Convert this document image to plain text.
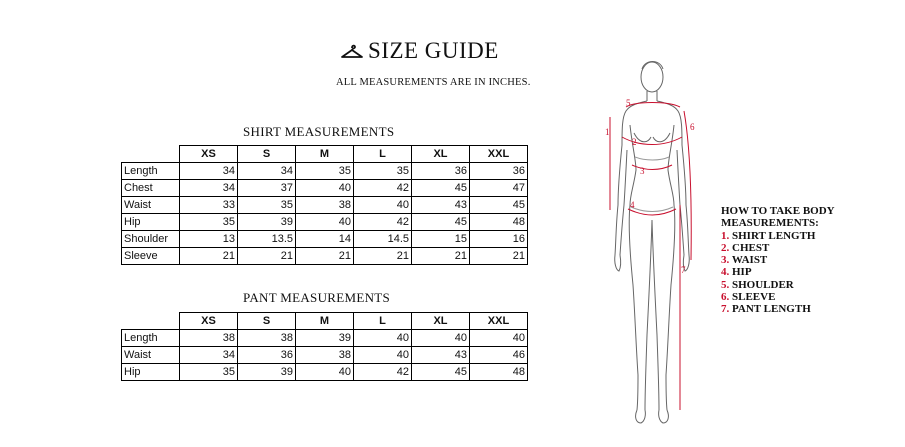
SIZE GUIDE
ALL MEASUREMENTS ARE IN INCHES.
SHIRT MEASUREMENTS
	XS	S	M	L	XL	XXL
Length	34	34	35	35	36	36
Chest	34	37	40	42	45	47
Waist	33	35	38	40	43	45
Hip	35	39	40	42	45	48
Shoulder	13	13.5	14	14.5	15	16
Sleeve	21	21	21	21	21	21
PANT MEASUREMENTS
	XS	S	M	L	XL	XXL
Length	38	38	39	40	40	40
Waist	34	36	38	40	43	46
Hip	35	39	40	42	45	48
1
2
3
4
5
6
7
HOW TO TAKE BODY
MEASUREMENTS:
1. SHIRT LENGTH
2. CHEST
3. WAIST
4. HIP
5. SHOULDER
6. SLEEVE
7. PANT LENGTH
